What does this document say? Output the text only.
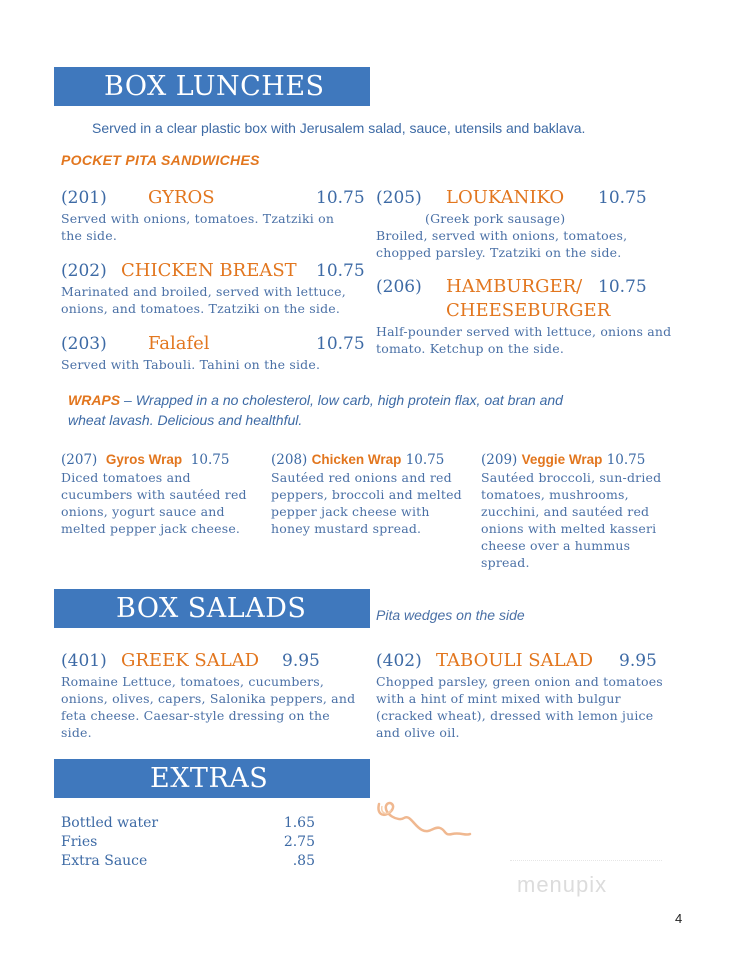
BOX LUNCHES
Served in a clear plastic box with Jerusalem salad, sauce, utensils and baklava.
POCKET PITA SANDWICHES
(201) GYROS	10.75
Served with onions, tomatoes. Tzatziki on
the side.
(202) CHICKEN BREAST 10.75
Marinated and broiled, served with lettuce,
onions, and tomatoes. Tzatziki on the side.
(203) Falafel	10.75
Served with Tabouli. Tahini on the side.
(205) LOUKANIKO 10.75
(Greek pork sausage)
Broiled, served with onions, tomatoes,
chopped parsley. Tzatziki on the side.
(206) HAMBURGER/ 10.75
CHEESEBURGER
Half-pounder served with lettuce, onions and
tomato. Ketchup on the side.
WRAPS – Wrapped in a no cholesterol, low carb, high protein flax, oat bran and
wheat lavash. Delicious and healthful.
(207) Gyros Wrap 10.75
Diced tomatoes and
cucumbers with sautéed red
onions, yogurt sauce and
melted pepper jack cheese.
(208) Chicken Wrap 10.75
Sautéed red onions and red
peppers, broccoli and melted
pepper jack cheese with
honey mustard spread.
(209) Veggie Wrap 10.75
Sautéed broccoli, sun-dried
tomatoes, mushrooms,
zucchini, and sautéed red
onions with melted kasseri
cheese over a hummus
spread.
BOX SALADS	Pita wedges on the side
(401) GREEK SALAD 9.95
Romaine Lettuce, tomatoes, cucumbers,
onions, olives, capers, Salonika peppers, and
feta cheese. Caesar-style dressing on the
side.
(402) TABOULI SALAD 9.95
Chopped parsley, green onion and tomatoes
with a hint of mint mixed with bulgur
(cracked wheat), dressed with lemon juice
and olive oil.
EXTRAS
Bottled water	1.65
Fries	2.75
Extra Sauce	.85
menupix
4
